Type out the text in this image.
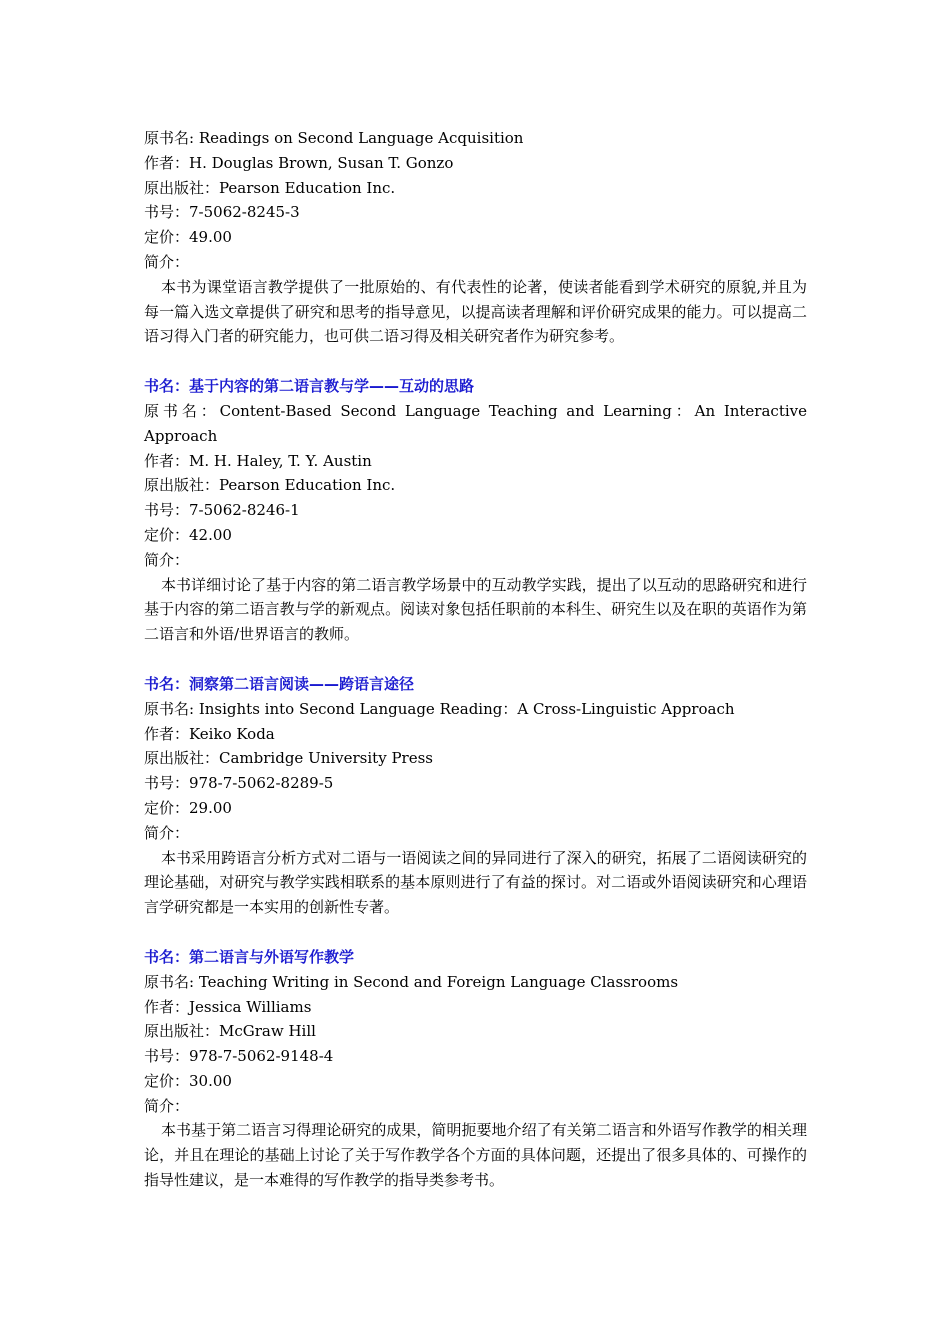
原书名: Readings on Second Language Acquisition

作者：H. Douglas Brown, Susan T. Gonzo

原出版社：Pearson Education Inc.

书号：7-5062-8245-3

定价：49.00

简介：

本书为课堂语言教学提供了一批原始的、有代表性的论著，使读者能看到学术研究的原貌,并且为每一篇入选文章提供了研究和思考的指导意见，以提高读者理解和评价研究成果的能力。可以提高二语习得入门者的研究能力，也可供二语习得及相关研究者作为研究参考。

书名：基于内容的第二语言教与学——互动的思路

原书名：Content-Based Second Language Teaching and Learning：An Interactive Approach

作者：M. H. Haley, T. Y. Austin

原出版社：Pearson Education Inc.

书号：7-5062-8246-1

定价：42.00

简介：

本书详细讨论了基于内容的第二语言教学场景中的互动教学实践，提出了以互动的思路研究和进行基于内容的第二语言教与学的新观点。阅读对象包括任职前的本科生、研究生以及在职的英语作为第二语言和外语/世界语言的教师。

书名：洞察第二语言阅读——跨语言途径

原书名: Insights into Second Language Reading：A Cross-Linguistic Approach

作者：Keiko Koda

原出版社：Cambridge University Press

书号：978-7-5062-8289-5

定价：29.00

简介：

本书采用跨语言分析方式对二语与一语阅读之间的异同进行了深入的研究，拓展了二语阅读研究的理论基础，对研究与教学实践相联系的基本原则进行了有益的探讨。对二语或外语阅读研究和心理语言学研究都是一本实用的创新性专著。

书名：第二语言与外语写作教学

原书名: Teaching Writing in Second and Foreign Language Classrooms

作者：Jessica Williams

原出版社：McGraw Hill

书号：978-7-5062-9148-4

定价：30.00

简介：

本书基于第二语言习得理论研究的成果，简明扼要地介绍了有关第二语言和外语写作教学的相关理论，并且在理论的基础上讨论了关于写作教学各个方面的具体问题，还提出了很多具体的、可操作的指导性建议，是一本难得的写作教学的指导类参考书。
